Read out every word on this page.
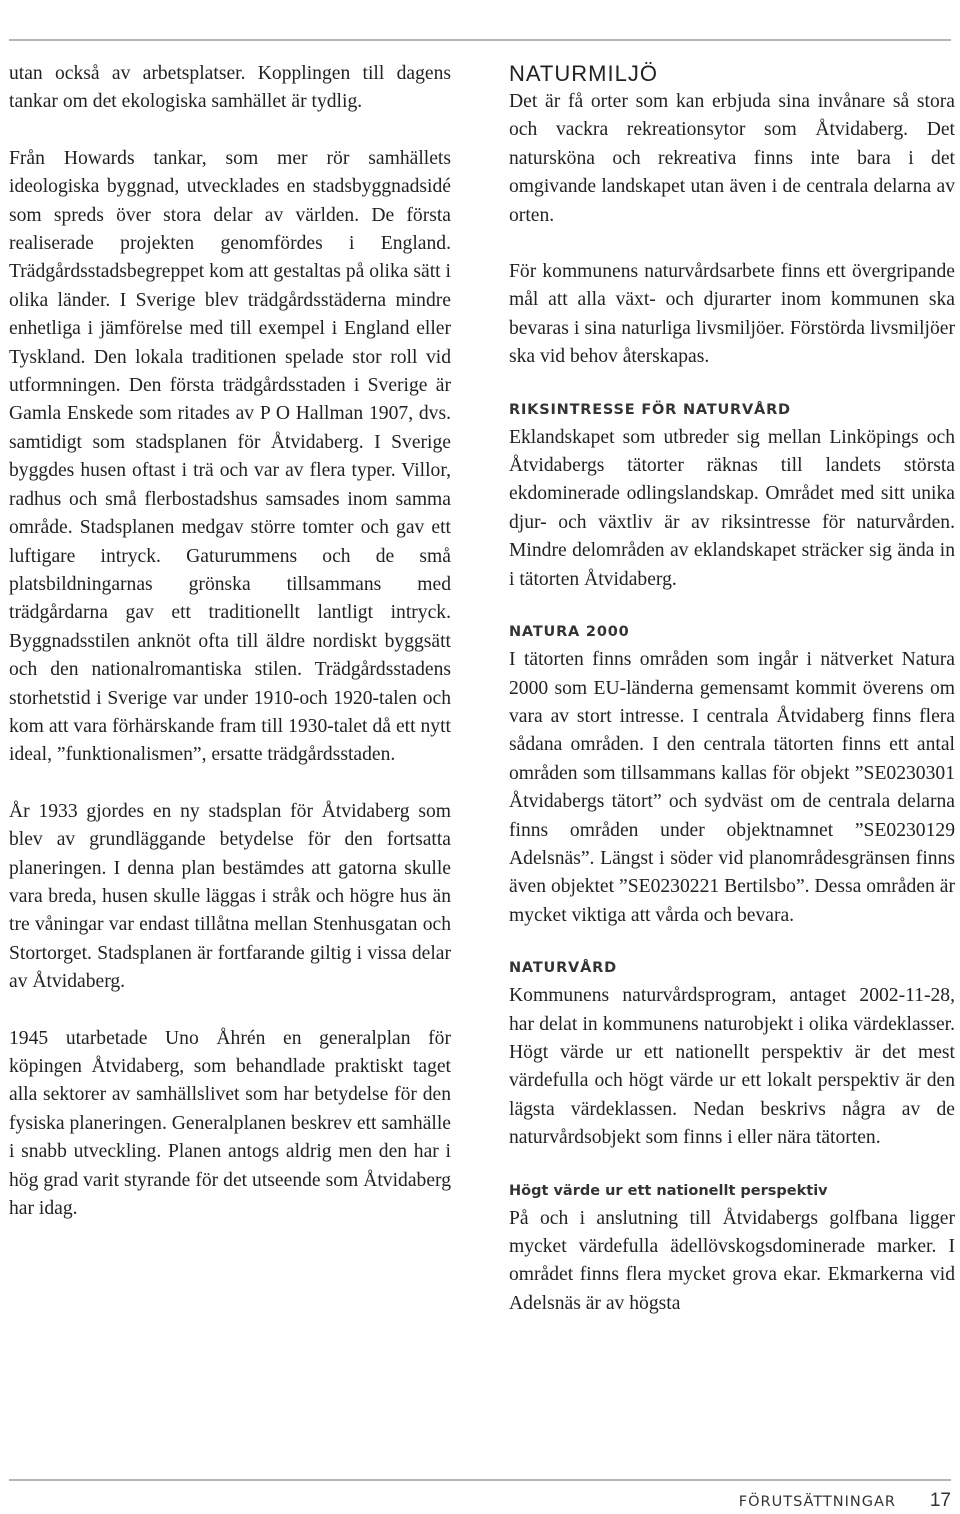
utan också av arbetsplatser. Kopplingen till dagens tankar om det ekologiska samhället är tydlig.

Från Howards tankar, som mer rör samhällets ideologiska byggnad, utvecklades en stadsbyggnadsidé som spreds över stora delar av världen. De första realiserade projekten genomfördes i England. Trädgårdsstadsbegreppet kom att gestaltas på olika sätt i olika länder. I Sverige blev trädgårdsstäderna mindre enhetliga i jämförelse med till exempel i England eller Tyskland. Den lokala traditionen spelade stor roll vid utformningen. Den första trädgårdsstaden i Sverige är Gamla Enskede som ritades av P O Hallman 1907, dvs. samtidigt som stadsplanen för Åtvidaberg. I Sverige byggdes husen oftast i trä och var av flera typer. Villor, radhus och små flerbostadshus samsades inom samma område. Stadsplanen medgav större tomter och gav ett luftigare intryck. Gaturummens och de små platsbildningarnas grönska tillsammans med trädgårdarna gav ett traditionellt lantligt intryck. Byggnadsstilen anknöt ofta till äldre nordiskt byggsätt och den nationalromantiska stilen. Trädgårdsstadens storhetstid i Sverige var under 1910-och 1920-talen och kom att vara förhärskande fram till 1930-talet då ett nytt ideal, ”funktionalismen”, ersatte trädgårdsstaden.

År 1933 gjordes en ny stadsplan för Åtvidaberg som blev av grundläggande betydelse för den fortsatta planeringen. I denna plan bestämdes att gatorna skulle vara breda, husen skulle läggas i stråk och högre hus än tre våningar var endast tillåtna mellan Stenhusgatan och Stortorget. Stadsplanen är fortfarande giltig i vissa delar av Åtvidaberg.

1945 utarbetade Uno Åhrén en generalplan för köpingen Åtvidaberg, som behandlade praktiskt taget alla sektorer av samhällslivet som har betydelse för den fysiska planeringen. Generalplanen beskrev ett samhälle i snabb utveckling. Planen antogs aldrig men den har i hög grad varit styrande för det utseende som Åtvidaberg har idag.

NATURMILJÖ

Det är få orter som kan erbjuda sina invånare så stora och vackra rekreationsytor som Åtvidaberg. Det natursköna och rekreativa finns inte bara i det omgivande landskapet utan även i de centrala delarna av orten.

För kommunens naturvårdsarbete finns ett övergripande mål att alla växt- och djurarter inom kommunen ska bevaras i sina naturliga livsmiljöer. Förstörda livsmiljöer ska vid behov återskapas.

RIKSINTRESSE FÖR NATURVÅRD

Eklandskapet som utbreder sig mellan Linköpings och Åtvidabergs tätorter räknas till landets största ekdominerade odlingslandskap. Området med sitt unika djur- och växtliv är av riksintresse för naturvården. Mindre delområden av eklandskapet sträcker sig ända in i tätorten Åtvidaberg.

NATURA 2000

I tätorten finns områden som ingår i nätverket Natura 2000 som EU-länderna gemensamt kommit överens om vara av stort intresse. I centrala Åtvidaberg finns flera sådana områden. I den centrala tätorten finns ett antal områden som tillsammans kallas för objekt ”SE0230301 Åtvidabergs tätort” och sydväst om de centrala delarna finns områden under objektnamnet ”SE0230129 Adelsnäs”. Längst i söder vid planområdesgränsen finns även objektet ”SE0230221 Bertilsbo”. Dessa områden är mycket viktiga att vårda och bevara.

NATURVÅRD

Kommunens naturvårdsprogram, antaget 2002-11-28, har delat in kommunens naturobjekt i olika värdeklasser. Högt värde ur ett nationellt perspektiv är det mest värdefulla och högt värde ur ett lokalt perspektiv är den lägsta värdeklassen. Nedan beskrivs några av de naturvårdsobjekt som finns i eller nära tätorten.

Högt värde ur ett nationellt perspektiv

På och i anslutning till Åtvidabergs golfbana ligger mycket värdefulla ädellövskogsdominerade marker. I området finns flera mycket grova ekar. Ekmarkerna vid Adelsnäs är av högsta

FÖRUTSÄTTNINGAR 17
